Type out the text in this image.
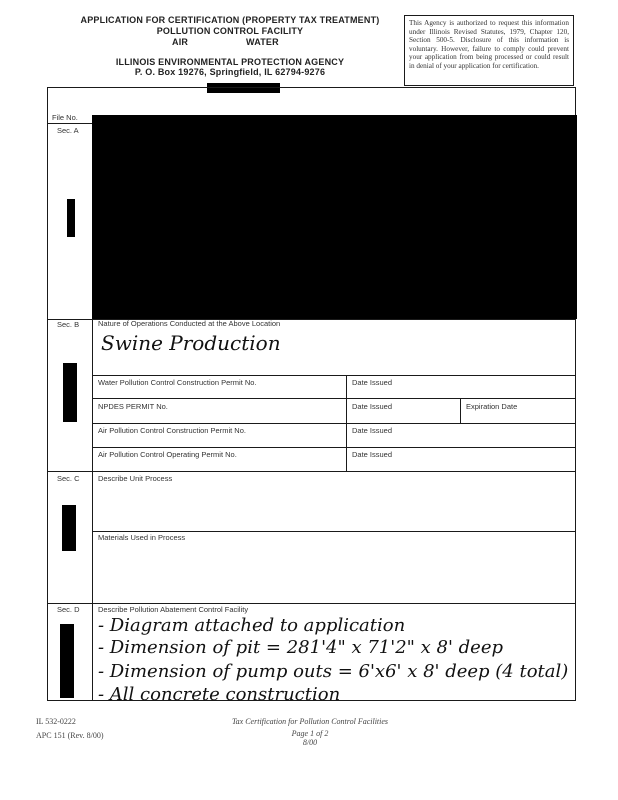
APPLICATION FOR CERTIFICATION (PROPERTY TAX TREATMENT)
POLLUTION CONTROL FACILITY
AIR	WATER
ILLINOIS ENVIRONMENTAL PROTECTION AGENCY
P. O. Box 19276, Springfield, IL 62794-9276
This Agency is authorized to request this information under Illinois Revised Statutes, 1979, Chapter 120, Section 500-5. Disclosure of this information is voluntary. However, failure to comply could prevent your application from being processed or could result in denial of your application for certification.
File No.
Sec. A
Sec. B	Nature of Operations Conducted at the Above Location
Swine Production
Water Pollution Control Construction Permit No.	Date Issued
NPDES PERMIT No.	Date Issued	Expiration Date
Air Pollution Control Construction Permit No.	Date Issued
Air Pollution Control Operating Permit No.	Date Issued
Sec. C Describe Unit Process
Materials Used in Process
Sec. D Describe Pollution Abatement Control Facility
- Diagram attached to application
- Dimension of pit = 281'4" x 71'2" x 8' deep
- Dimension of pump outs = 6'x6' x 8' deep (4 total)
- All concrete construction
IL 532-0222
APC 151 (Rev. 8/00)
Tax Certification for Pollution Control Facilities
Page 1 of 2
8/00
